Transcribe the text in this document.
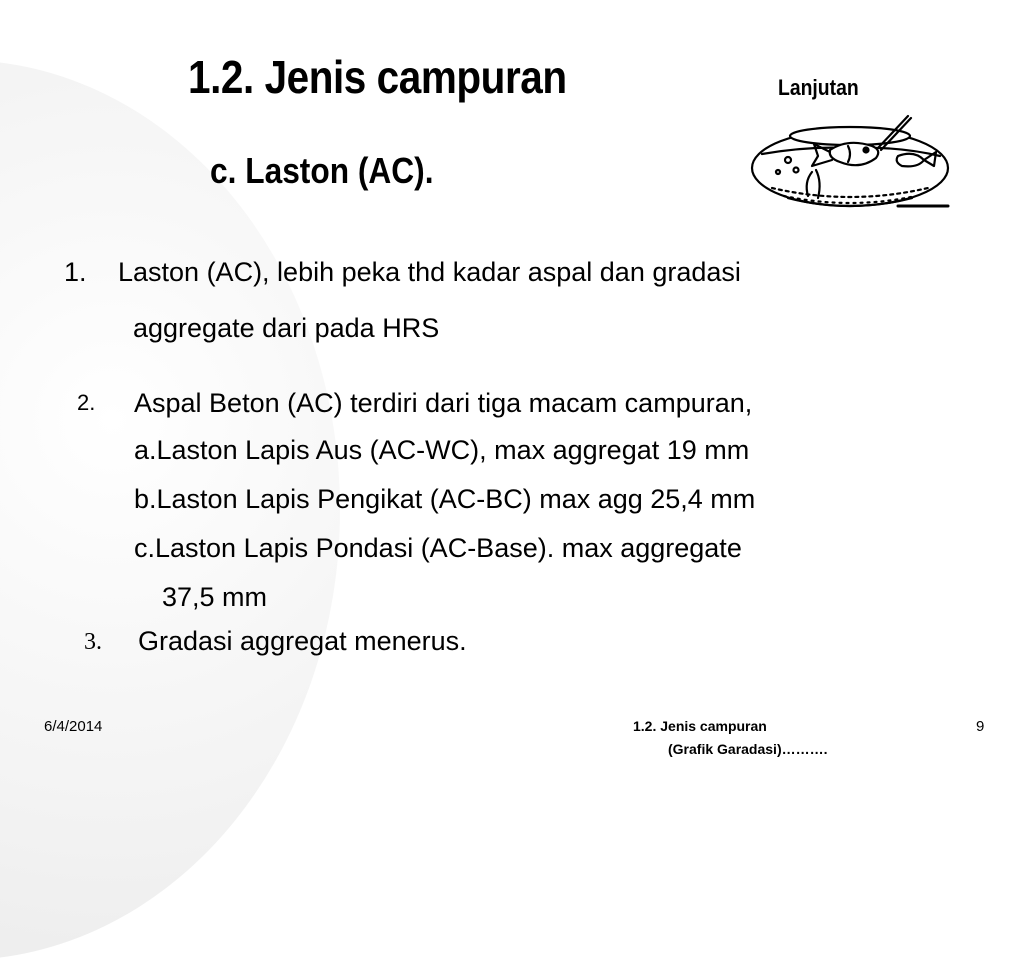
1.2. Jenis campuran	Lanjutan
c. Laston (AC).
1. Laston (AC), lebih peka thd kadar aspal dan gradasi
aggregate dari pada HRS
2. Aspal Beton (AC) terdiri dari tiga macam campuran,
a.Laston Lapis Aus (AC-WC), max aggregat 19 mm
b.Laston Lapis Pengikat (AC-BC) max agg 25,4 mm
c.Laston Lapis Pondasi (AC-Base). max aggregate
37,5 mm
3. Gradasi aggregat menerus.
6/4/2014	1.2. Jenis campuran
(Grafik Garadasi)……….
9
